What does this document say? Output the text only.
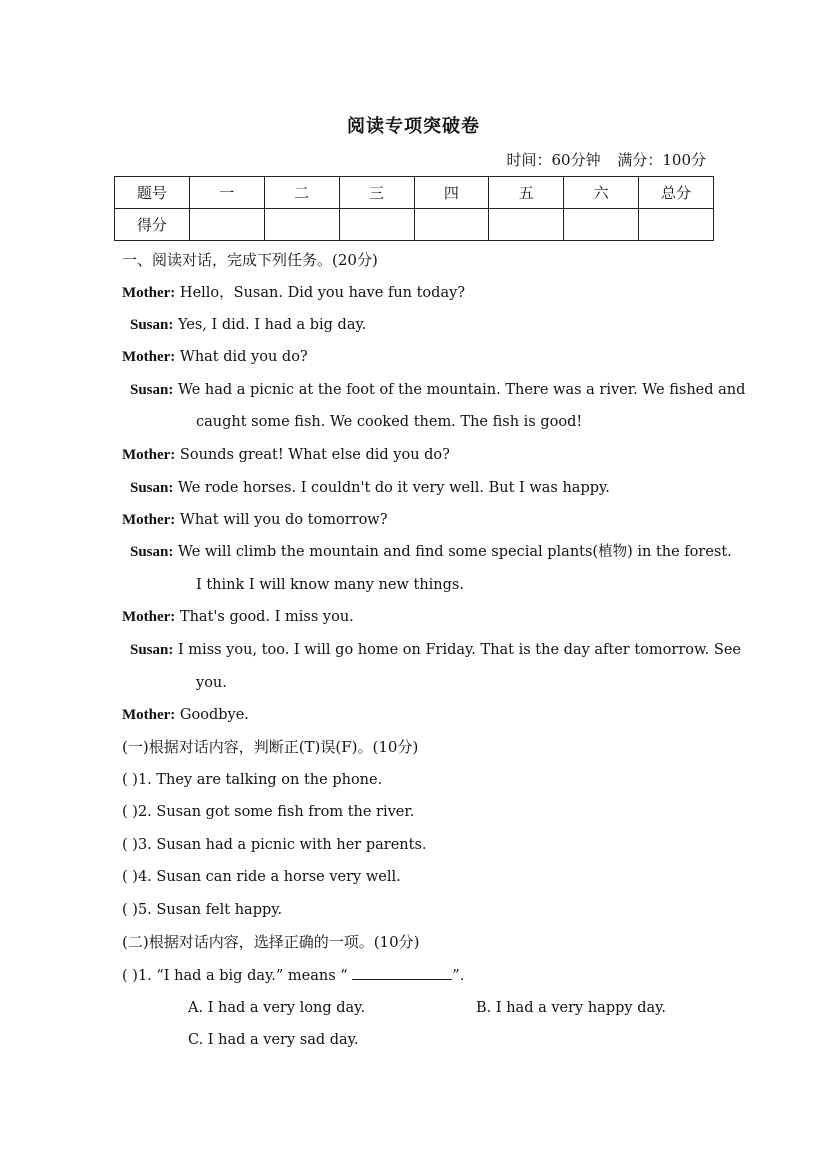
阅读专项突破卷
时间：60分钟 满分：100分
题号	一	二	三	四	五	六	总分
得分							
一、阅读对话，完成下列任务。(20分)
Mother: Hello，Susan. Did you have fun today?
Susan: Yes, I did. I had a big day.
Mother: What did you do?
Susan: We had a picnic at the foot of the mountain. There was a river. We fished and
caught some fish. We cooked them. The fish is good!
Mother: Sounds great! What else did you do?
Susan: We rode horses. I couldn't do it very well. But I was happy.
Mother: What will you do tomorrow?
Susan: We will climb the mountain and find some special plants(植物) in the forest.
I think I will know many new things.
Mother: That's good. I miss you.
Susan: I miss you, too. I will go home on Friday. That is the day after tomorrow. See
you.
Mother: Goodbye.
(一)根据对话内容，判断正(T)误(F)。(10分)
( )1. They are talking on the phone.
( )2. Susan got some fish from the river.
( )3. Susan had a picnic with her parents.
( )4. Susan can ride a horse very well.
( )5. Susan felt happy.
(二)根据对话内容，选择正确的一项。(10分)
( )1. “I had a big day.” means “	”.
A. I had a very long day.	B. I had a very happy day.
C. I had a very sad day.
